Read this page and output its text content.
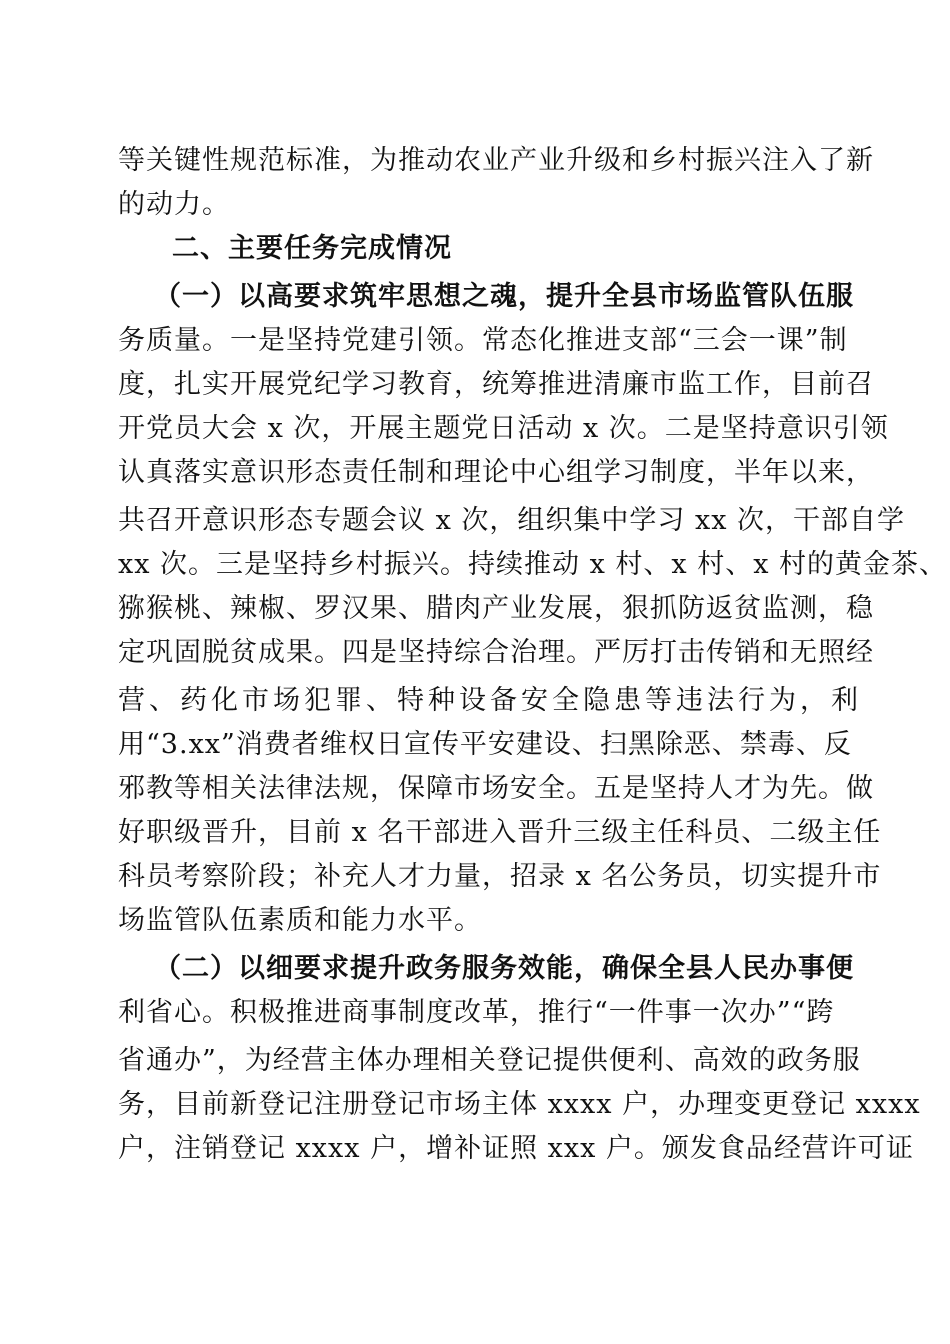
等关键性规范标准，为推动农业产业升级和乡村振兴注入了新
的动力。
二、主要任务完成情况
（一）以高要求筑牢思想之魂，提升全县市场监管队伍服
务质量。一是坚持党建引领。常态化推进支部“三会一课”制
度，扎实开展党纪学习教育，统筹推进清廉市监工作，目前召
开党员大会 x 次，开展主题党日活动 x 次。二是坚持意识引领
认真落实意识形态责任制和理论中心组学习制度，半年以来，
共召开意识形态专题会议 x 次，组织集中学习 xx 次，干部自学
xx 次。三是坚持乡村振兴。持续推动 x 村、x 村、x 村的黄金茶、
猕猴桃、辣椒、罗汉果、腊肉产业发展，狠抓防返贫监测，稳
定巩固脱贫成果。四是坚持综合治理。严厉打击传销和无照经
营、药化市场犯罪、特种设备安全隐患等违法行为，利
用“3.xx”消费者维权日宣传平安建设、扫黑除恶、禁毒、反
邪教等相关法律法规，保障市场安全。五是坚持人才为先。做
好职级晋升，目前 x 名干部进入晋升三级主任科员、二级主任
科员考察阶段；补充人才力量，招录 x 名公务员，切实提升市
场监管队伍素质和能力水平。
（二）以细要求提升政务服务效能，确保全县人民办事便
利省心。积极推进商事制度改革，推行“一件事一次办”“跨
省通办”，为经营主体办理相关登记提供便利、高效的政务服
务，目前新登记注册登记市场主体 xxxx 户，办理变更登记 xxxx
户，注销登记 xxxx 户，增补证照 xxx 户。颁发食品经营许可证
